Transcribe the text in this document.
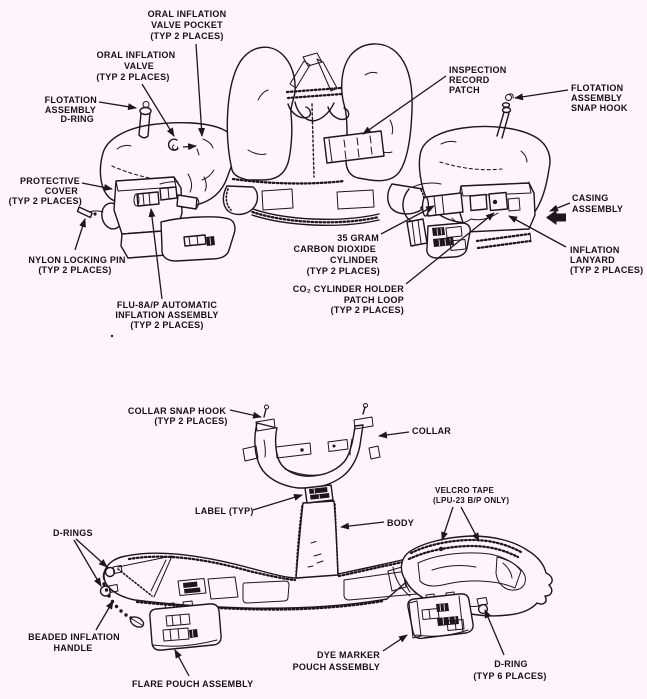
ORAL INFLATION
VALVE POCKET
(TYP 2 PLACES)
ORAL INFLATION
VALVE
(TYP 2 PLACES)
FLOTATION
ASSEMBLY
D-RING
INSPECTION
RECORD
PATCH	FLOTATION
ASSEMBLY
SNAP HOOK
PROTECTIVE
COVER
(TYP 2 PLACES)	CASING
ASSEMBLY
NYLON LOCKING PIN
(TYP 2 PLACES)
35 GRAM
CARBON DIOXIDE
CYLINDER
(TYP 2 PLACES)
INFLATION
LANYARD
(TYP 2 PLACES)
CO₂ CYLINDER HOLDER
PATCH LOOP
(TYP 2 PLACES)
FLU-8A/P AUTOMATIC
INFLATION ASSEMBLY
(TYP 2 PLACES)
COLLAR SNAP HOOK
(TYP 2 PLACES)
COLLAR
LABEL (TYP)
VELCRO TAPE
(LPU-23 B/P ONLY)
BODY
D-RINGS
BEADED INFLATION
HANDLE
FLARE POUCH ASSEMBLY
DYE MARKER
POUCH ASSEMBLY	D-RING
(TYP 6 PLACES)
